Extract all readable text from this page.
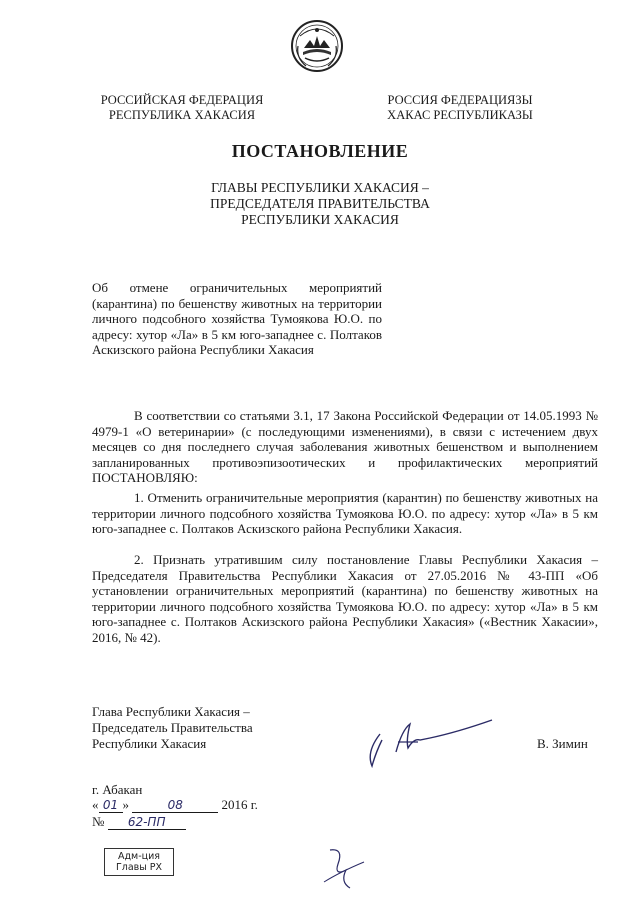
РОССИЙСКАЯ ФЕДЕРАЦИЯ
РЕСПУБЛИКА ХАКАСИЯ
РОССИЯ ФЕДЕРАЦИЯЗЫ
ХАКАС РЕСПУБЛИКАЗЫ
ПОСТАНОВЛЕНИЕ
ГЛАВЫ РЕСПУБЛИКИ ХАКАСИЯ –
ПРЕДСЕДАТЕЛЯ ПРАВИТЕЛЬСТВА
РЕСПУБЛИКИ ХАКАСИЯ
Об отмене ограничительных мероприятий (карантина) по бешенству животных на территории личного подсобного хозяйства Тумоякова Ю.О. по адресу: хутор «Ла» в 5 км юго-западнее с. Полтаков Аскизского района Республики Хакасия
В соответствии со статьями 3.1, 17 Закона Российской Федерации от 14.05.1993 № 4979-1 «О ветеринарии» (с последующими изменениями), в связи с истечением двух месяцев со дня последнего случая заболевания животных бешенством и выполнением запланированных противоэпизоотических и профилактических мероприятий ПОСТАНОВЛЯЮ:
1. Отменить ограничительные мероприятия (карантин) по бешенству животных на территории личного подсобного хозяйства Тумоякова Ю.О. по адресу: хутор «Ла» в 5 км юго-западнее с. Полтаков Аскизского района Республики Хакасия.
2. Признать утратившим силу постановление Главы Республики Хакасия – Председателя Правительства Республики Хакасия от 27.05.2016 № 43-ПП «Об установлении ограничительных мероприятий (карантина) по бешенству животных на территории личного подсобного хозяйства Тумоякова Ю.О. по адресу: хутор «Ла» в 5 км юго-западнее с. Полтаков Аскизского района Республики Хакасия» («Вестник Хакасии», 2016, № 42).
Глава Республики Хакасия –
Председатель Правительства
Республики Хакасия	В. Зимин
г. Абакан
« 01 »	08	2016 г.
№ 62-ПП
Адм-ция
Главы РХ
